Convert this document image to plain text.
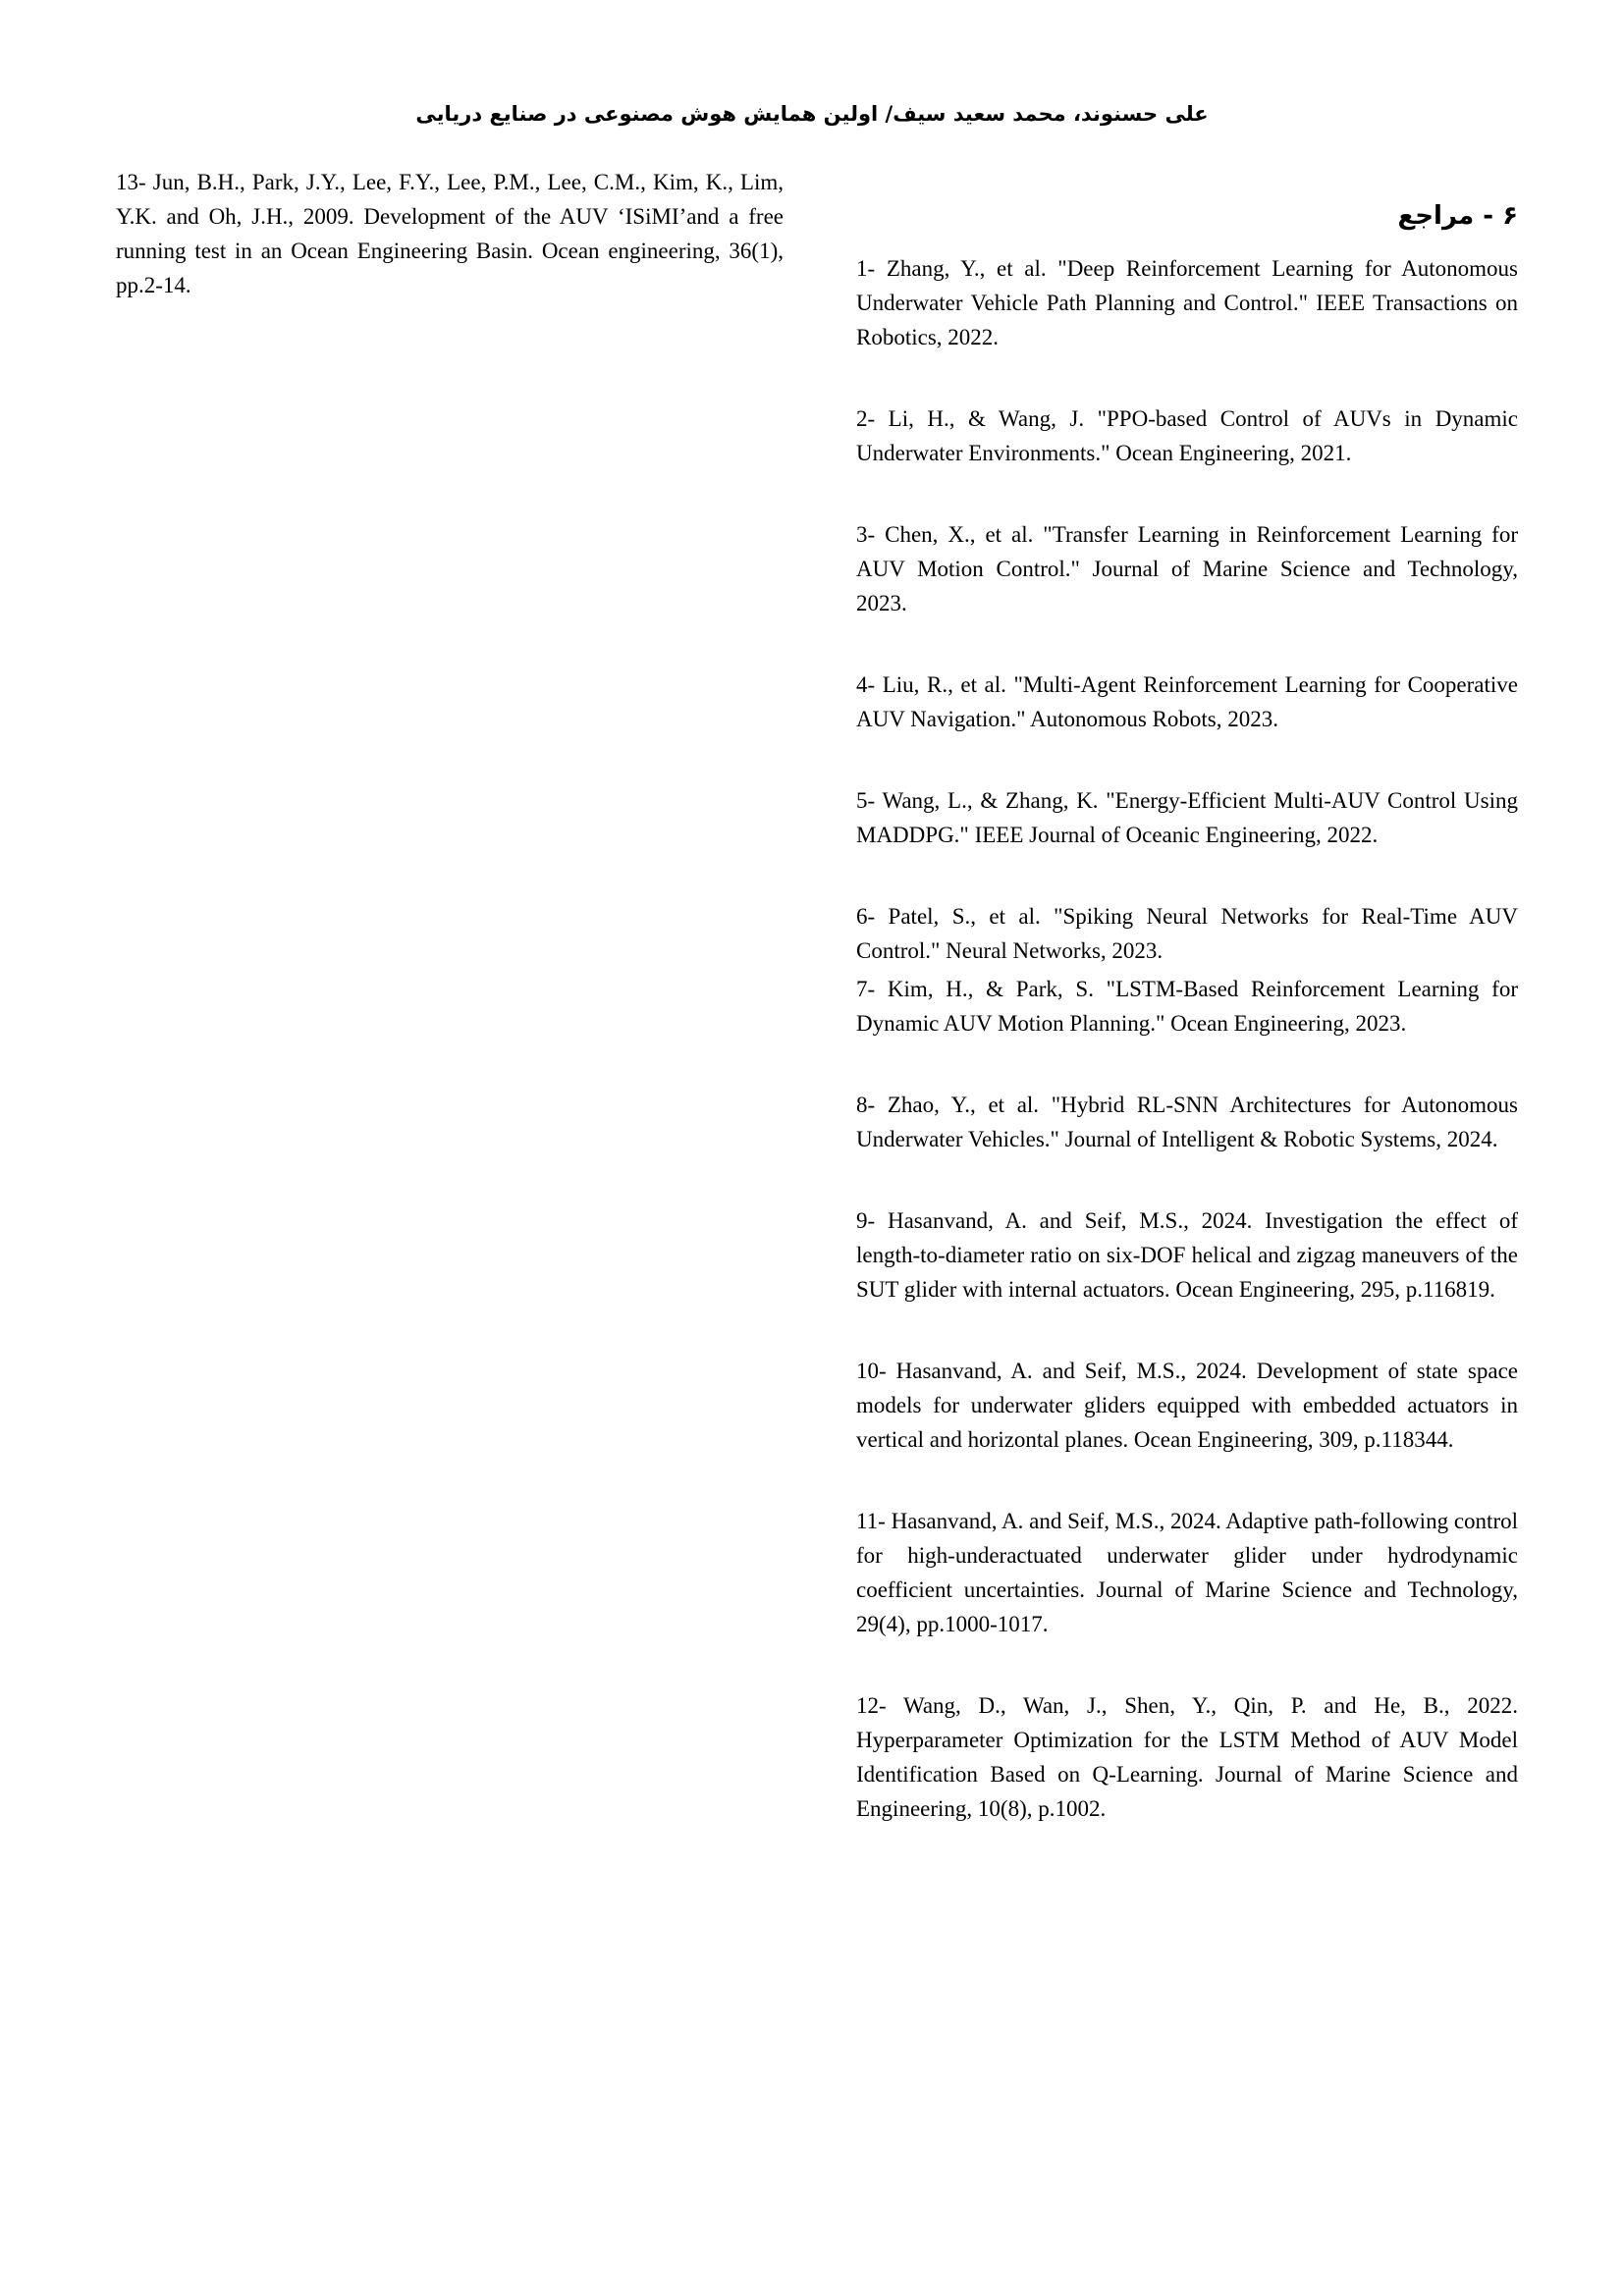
علی حسنوند، محمد سعید سیف/ اولین همایش هوش مصنوعی در صنایع دریایی

13- Jun, B.H., Park, J.Y., Lee, F.Y., Lee, P.M., Lee, C.M., Kim, K., Lim, Y.K. and Oh, J.H., 2009. Development of the AUV ‘ISiMI’and a free running test in an Ocean Engineering Basin. Ocean engineering, 36(1), pp.2-14.

۶ - مراجع

1- Zhang, Y., et al. "Deep Reinforcement Learning for Autonomous Underwater Vehicle Path Planning and Control." IEEE Transactions on Robotics, 2022.

2- Li, H., & Wang, J. "PPO-based Control of AUVs in Dynamic Underwater Environments." Ocean Engineering, 2021.

3- Chen, X., et al. "Transfer Learning in Reinforcement Learning for AUV Motion Control." Journal of Marine Science and Technology, 2023.

4- Liu, R., et al. "Multi-Agent Reinforcement Learning for Cooperative AUV Navigation." Autonomous Robots, 2023.

5- Wang, L., & Zhang, K. "Energy-Efficient Multi-AUV Control Using MADDPG." IEEE Journal of Oceanic Engineering, 2022.

6- Patel, S., et al. "Spiking Neural Networks for Real-Time AUV Control." Neural Networks, 2023.

7- Kim, H., & Park, S. "LSTM-Based Reinforcement Learning for Dynamic AUV Motion Planning." Ocean Engineering, 2023.

8- Zhao, Y., et al. "Hybrid RL-SNN Architectures for Autonomous Underwater Vehicles." Journal of Intelligent & Robotic Systems, 2024.

9- Hasanvand, A. and Seif, M.S., 2024. Investigation the effect of length-to-diameter ratio on six-DOF helical and zigzag maneuvers of the SUT glider with internal actuators. Ocean Engineering, 295, p.116819.

10- Hasanvand, A. and Seif, M.S., 2024. Development of state space models for underwater gliders equipped with embedded actuators in vertical and horizontal planes. Ocean Engineering, 309, p.118344.

11- Hasanvand, A. and Seif, M.S., 2024. Adaptive path-following control for high-underactuated underwater glider under hydrodynamic coefficient uncertainties. Journal of Marine Science and Technology, 29(4), pp.1000-1017.

12- Wang, D., Wan, J., Shen, Y., Qin, P. and He, B., 2022. Hyperparameter Optimization for the LSTM Method of AUV Model Identification Based on Q-Learning. Journal of Marine Science and Engineering, 10(8), p.1002.
